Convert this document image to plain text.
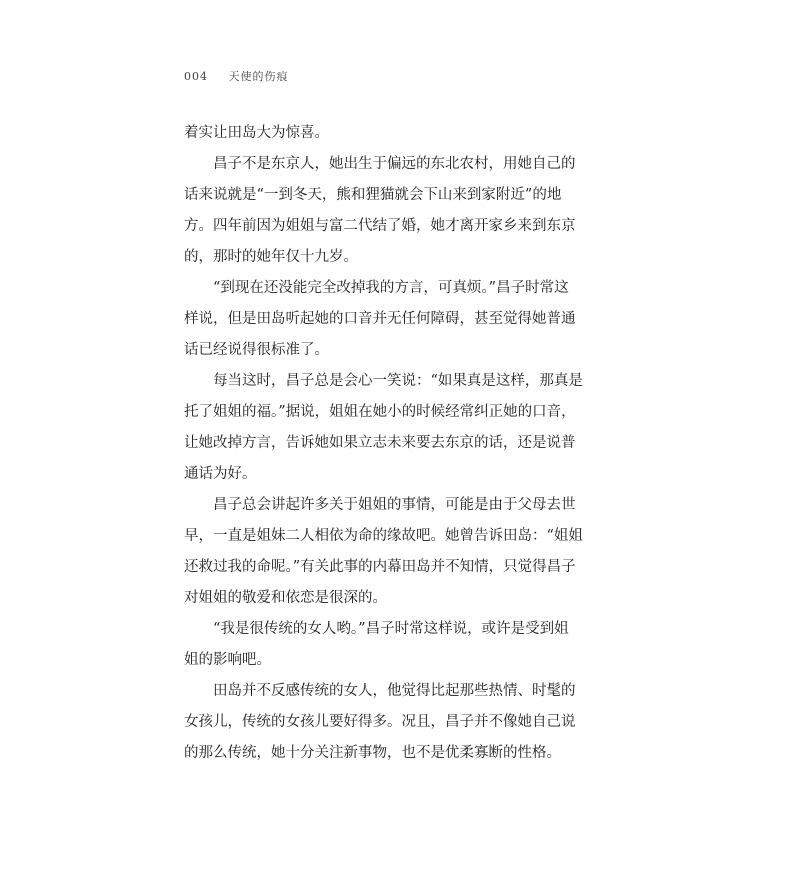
004 天使的伤痕
着实让田岛大为惊喜。
昌子不是东京人，她出生于偏远的东北农村，用她自己的
话来说就是“一到冬天，熊和狸猫就会下山来到家附近”的地
方。四年前因为姐姐与富二代结了婚，她才离开家乡来到东京
的，那时的她年仅十九岁。
“到现在还没能完全改掉我的方言，可真烦。”昌子时常这
样说，但是田岛听起她的口音并无任何障碍，甚至觉得她普通
话已经说得很标准了。
每当这时，昌子总是会心一笑说：“如果真是这样，那真是
托了姐姐的福。”据说，姐姐在她小的时候经常纠正她的口音，
让她改掉方言，告诉她如果立志未来要去东京的话，还是说普
通话为好。
昌子总会讲起许多关于姐姐的事情，可能是由于父母去世
早，一直是姐妹二人相依为命的缘故吧。她曾告诉田岛：“姐姐
还救过我的命呢。”有关此事的内幕田岛并不知情，只觉得昌子
对姐姐的敬爱和依恋是很深的。
“我是很传统的女人哟。”昌子时常这样说，或许是受到姐
姐的影响吧。
田岛并不反感传统的女人，他觉得比起那些热情、时髦的
女孩儿，传统的女孩儿要好得多。况且，昌子并不像她自己说
的那么传统，她十分关注新事物，也不是优柔寡断的性格。
